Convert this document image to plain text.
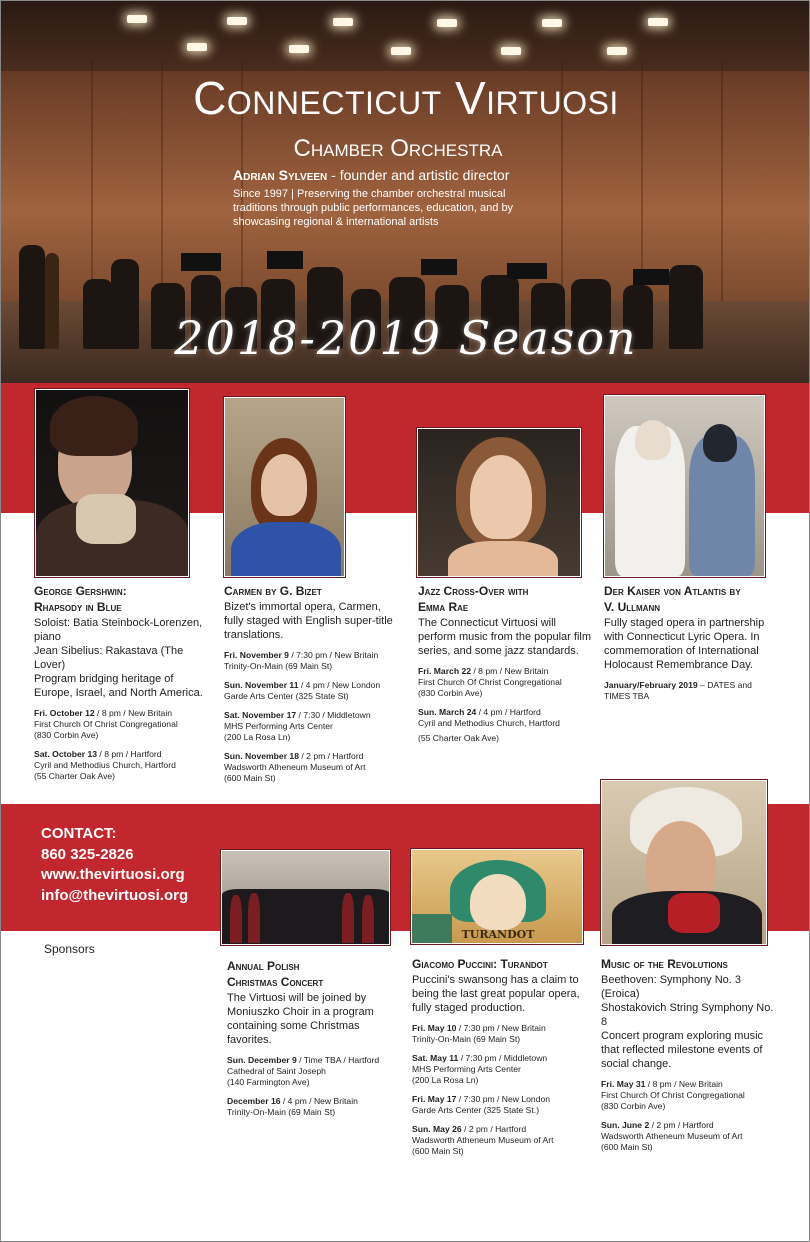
Connecticut Virtuosi
Chamber Orchestra
Adrian Sylveen - founder and artistic director
Since 1997 | Preserving the chamber orchestral musical traditions through public performances, education, and by showcasing regional & international artists
2018-2019 Season
TURANDOT
George Gershwin:
Rhapsody in Blue
Soloist: Batia Steinbock-Lorenzen, piano
Jean Sibelius: Rakastava (The Lover)
Program bridging heritage of Europe, Israel, and North America.
Fri. October 12 / 8 pm / New Britain
First Church Of Christ Congregational
(830 Corbin Ave)
Sat. October 13 / 8 pm / Hartford
Cyril and Methodius Church, Hartford
(55 Charter Oak Ave)
Carmen by G. Bizet
Bizet's immortal opera, Carmen, fully staged with English super-title translations.
Fri. November 9 / 7:30 pm / New Britain
Trinity-On-Main (69 Main St)
Sun. November 11 / 4 pm / New London
Garde Arts Center (325 State St)
Sat. November 17 / 7:30 / Middletown
MHS Performing Arts Center
(200 La Rosa Ln)
Sun. November 18 / 2 pm / Hartford
Wadsworth Atheneum Museum of Art
(600 Main St)
Jazz Cross-Over with
Emma Rae
The Connecticut Virtuosi will perform music from the popular film series, and some jazz standards.
Fri. March 22 / 8 pm / New Britain
First Church Of Christ Congregational
(830 Corbin Ave)
Sun. March 24 / 4 pm / Hartford
Cyril and Methodius Church, Hartford
(55 Charter Oak Ave)
Der Kaiser von Atlantis by
V. Ullmann
Fully staged opera in partnership with Connecticut Lyric Opera. In commemoration of International Holocaust Remembrance Day.
January/February 2019 – DATES and TIMES TBA
Annual Polish
Christmas Concert
The Virtuosi will be joined by Moniuszko Choir in a program containing some Christmas favorites.
Sun. December 9 / Time TBA / Hartford
Cathedral of Saint Joseph
(140 Farmington Ave)
December 16 / 4 pm / New Britain
Trinity-On-Main (69 Main St)
Giacomo Puccini: Turandot
Puccini's swansong has a claim to being the last great popular opera, fully staged production.
Fri. May 10 / 7:30 pm / New Britain
Trinity-On-Main (69 Main St)
Sat. May 11 / 7:30 pm / Middletown
MHS Performing Arts Center
(200 La Rosa Ln)
Fri. May 17 / 7:30 pm / New London
Garde Arts Center (325 State St.)
Sun. May 26 / 2 pm / Hartford
Wadsworth Atheneum Museum of Art
(600 Main St)
Music of the Revolutions
Beethoven: Symphony No. 3 (Eroica)
Shostakovich String Symphony No. 8
Concert program exploring music that reflected milestone events of social change.
Fri. May 31 / 8 pm / New Britain
First Church Of Christ Congregational
(830 Corbin Ave)
Sun. June 2 / 2 pm / Hartford
Wadsworth Atheneum Museum of Art
(600 Main St)
CONTACT:
860 325-2826
www.thevirtuosi.org
info@thevirtuosi.org
Sponsors
